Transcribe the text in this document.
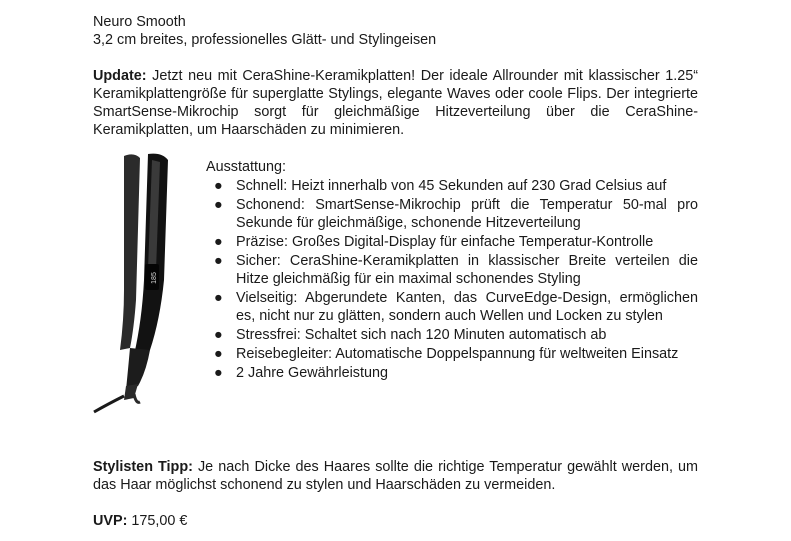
Neuro Smooth
3,2 cm breites, professionelles Glätt- und Stylingeisen
Update: Jetzt neu mit CeraShine-Keramikplatten! Der ideale Allrounder mit klassischer 1.25“ Keramikplattengröße für superglatte Stylings, elegante Waves oder coole Flips. Der integrierte SmartSense-Mikrochip sorgt für gleichmäßige Hitzeverteilung über die CeraShine-Keramikplatten, um Haarschäden zu minimieren.
185
Ausstattung:
● Schnell: Heizt innerhalb von 45 Sekunden auf 230 Grad Celsius auf
● Schonend: SmartSense-Mikrochip prüft die Temperatur 50-mal pro Sekunde für gleichmäßige, schonende Hitzeverteilung
● Präzise: Großes Digital-Display für einfache Temperatur-Kontrolle
● Sicher: CeraShine-Keramikplatten in klassischer Breite verteilen die Hitze gleichmäßig für ein maximal schonendes Styling
● Vielseitig: Abgerundete Kanten, das CurveEdge-Design, ermöglichen es, nicht nur zu glätten, sondern auch Wellen und Locken zu stylen
● Stressfrei: Schaltet sich nach 120 Minuten automatisch ab
● Reisebegleiter: Automatische Doppelspannung für weltweiten Einsatz
● 2 Jahre Gewährleistung
Stylisten Tipp: Je nach Dicke des Haares sollte die richtige Temperatur gewählt werden, um das Haar möglichst schonend zu stylen und Haarschäden zu vermeiden.
UVP: 175,00 €
